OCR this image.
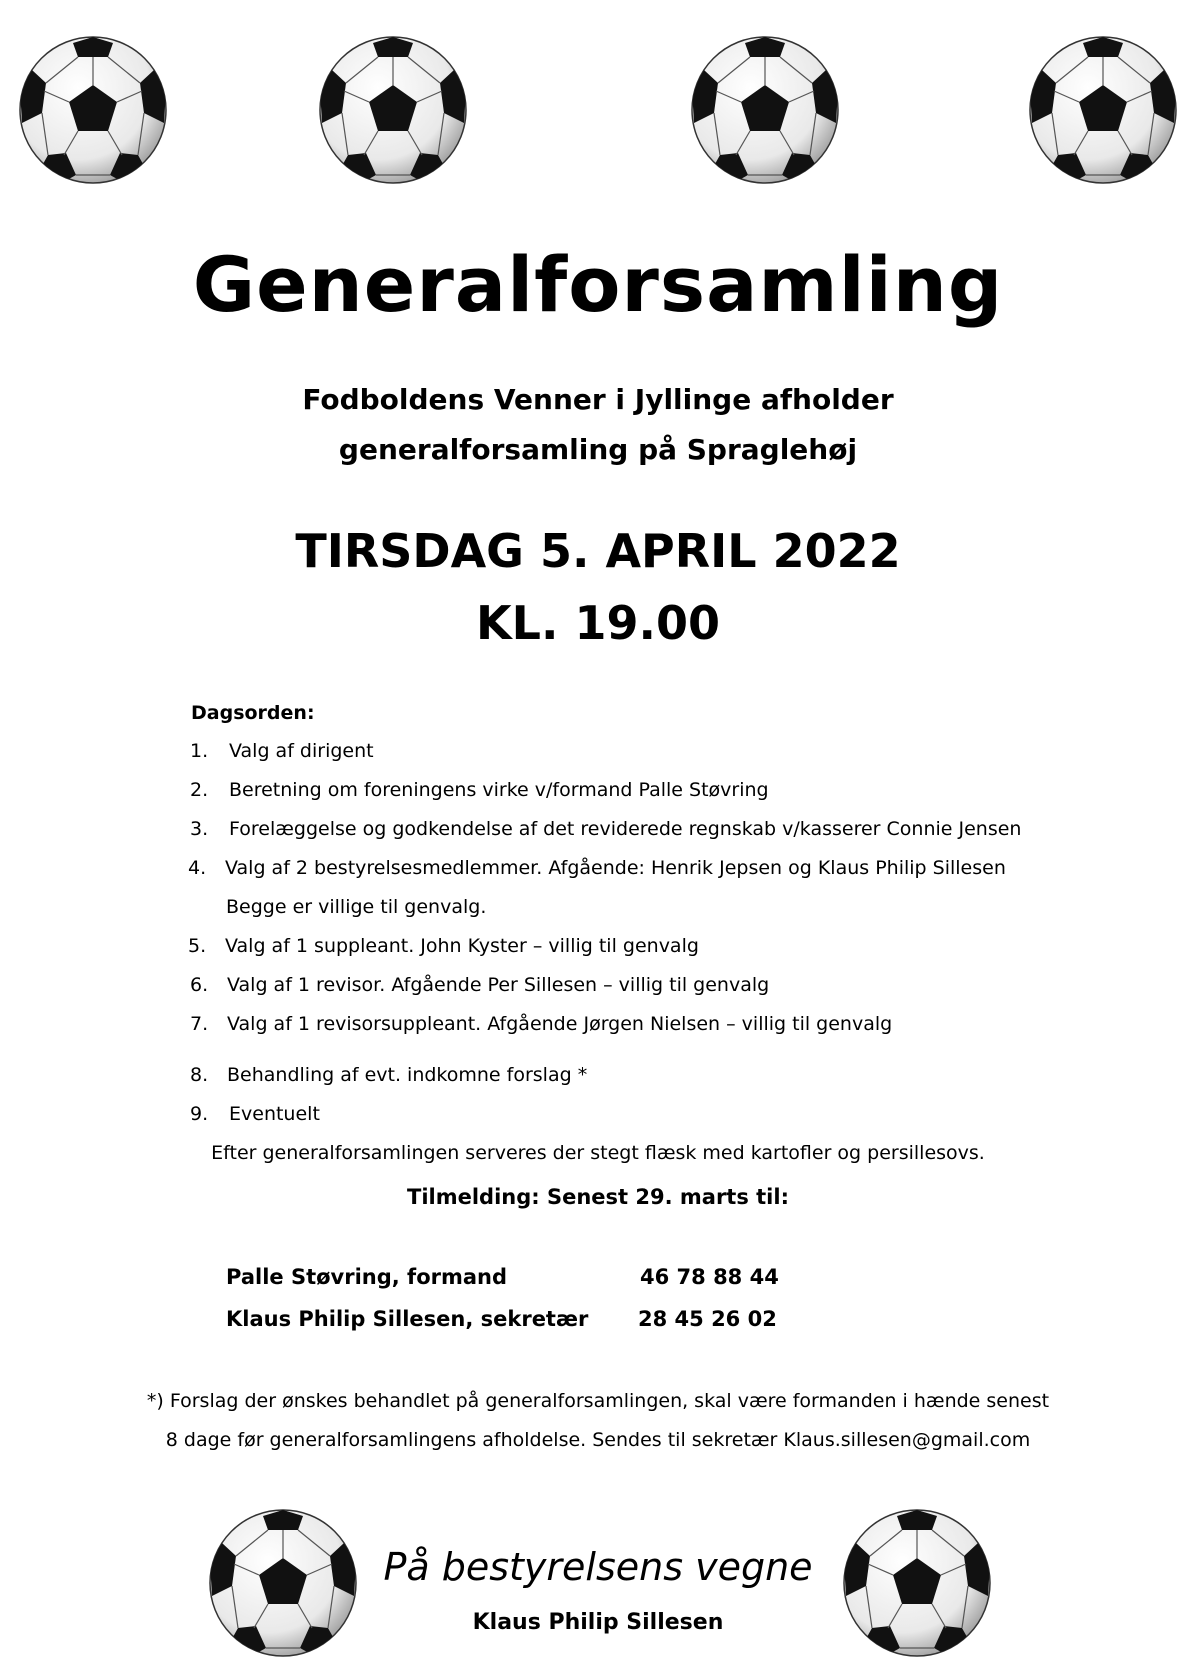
Generalforsamling
Fodboldens Venner i Jyllinge afholder
generalforsamling på Spraglehøj
TIRSDAG 5. APRIL 2022
KL. 19.00
Dagsorden:
1. Valg af dirigent
2. Beretning om foreningens virke v/formand Palle Støvring
3. Forelæggelse og godkendelse af det reviderede regnskab v/kasserer Connie Jensen
4. Valg af 2 bestyrelsesmedlemmer. Afgående: Henrik Jepsen og Klaus Philip Sillesen
Begge er villige til genvalg.
5. Valg af 1 suppleant. John Kyster – villig til genvalg
6. Valg af 1 revisor. Afgående Per Sillesen – villig til genvalg
7. Valg af 1 revisorsuppleant. Afgående Jørgen Nielsen – villig til genvalg
8. Behandling af evt. indkomne forslag *
9. Eventuelt
Efter generalforsamlingen serveres der stegt flæsk med kartofler og persillesovs.
Tilmelding: Senest 29. marts til:
Palle Støvring, formand	46 78 88 44
Klaus Philip Sillesen, sekretær 28 45 26 02
*) Forslag der ønskes behandlet på generalforsamlingen, skal være formanden i hænde senest
8 dage før generalforsamlingens afholdelse. Sendes til sekretær Klaus.sillesen@gmail.com
På bestyrelsens vegne
Klaus Philip Sillesen
